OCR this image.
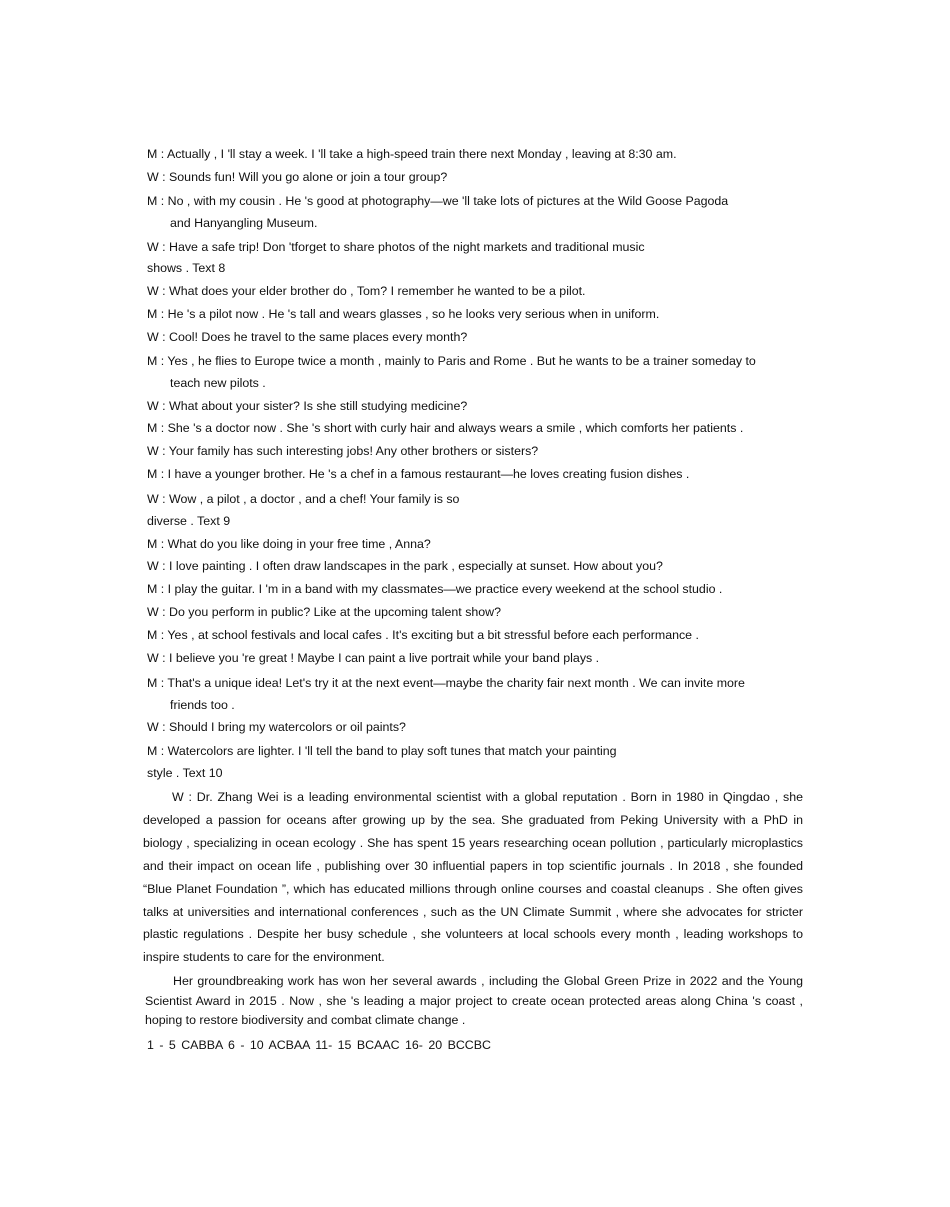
M : Actually , I 'll stay a week. I 'll take a high-speed train there next Monday , leaving at 8:30 am.
W : Sounds fun! Will you go alone or join a tour group?
M : No , with my cousin . He 's good at photography—we 'll take lots of pictures at the Wild Goose Pagoda
and Hanyangling Museum.
W : Have a safe trip! Don 'tforget to share photos of the night markets and traditional music
shows . Text 8
W : What does your elder brother do , Tom? I remember he wanted to be a pilot.
M : He 's a pilot now . He 's tall and wears glasses , so he looks very serious when in uniform.
W : Cool! Does he travel to the same places every month?
M : Yes , he flies to Europe twice a month , mainly to Paris and Rome . But he wants to be a trainer someday to
teach new pilots .
W : What about your sister? Is she still studying medicine?
M : She 's a doctor now . She 's short with curly hair and always wears a smile , which comforts her patients .
W : Your family has such interesting jobs! Any other brothers or sisters?
M : I have a younger brother. He 's a chef in a famous restaurant—he loves creating fusion dishes .
W : Wow , a pilot , a doctor , and a chef! Your family is so
diverse . Text 9
M : What do you like doing in your free time , Anna?
W : I love painting . I often draw landscapes in the park , especially at sunset. How about you?
M : I play the guitar. I 'm in a band with my classmates—we practice every weekend at the school studio .
W : Do you perform in public? Like at the upcoming talent show?
M : Yes , at school festivals and local cafes . It's exciting but a bit stressful before each performance .
W : I believe you 're great ! Maybe I can paint a live portrait while your band plays .
M : That's a unique idea! Let's try it at the next event—maybe the charity fair next month . We can invite more
friends too .
W : Should I bring my watercolors or oil paints?
M : Watercolors are lighter. I 'll tell the band to play soft tunes that match your painting
style . Text 10
W : Dr. Zhang Wei is a leading environmental scientist with a global reputation . Born in 1980 in Qingdao , she developed a passion for oceans after growing up by the sea. She graduated from Peking University with a PhD in biology , specializing in ocean ecology . She has spent 15 years researching ocean pollution , particularly microplastics and their impact on ocean life , publishing over 30 influential papers in top scientific journals . In 2018 , she founded “Blue Planet Foundation ”, which has educated millions through online courses and coastal cleanups . She often gives talks at universities and international conferences , such as the UN Climate Summit , where she advocates for stricter plastic regulations . Despite her busy schedule , she volunteers at local schools every month , leading workshops to inspire students to care for the environment.
Her groundbreaking work has won her several awards , including the Global Green Prize in 2022 and the Young Scientist Award in 2015 . Now , she 's leading a major project to create ocean protected areas along China 's coast , hoping to restore biodiversity and combat climate change .
1 - 5 CABBA 6 - 10 ACBAA 11- 15 BCAAC 16- 20 BCCBC
